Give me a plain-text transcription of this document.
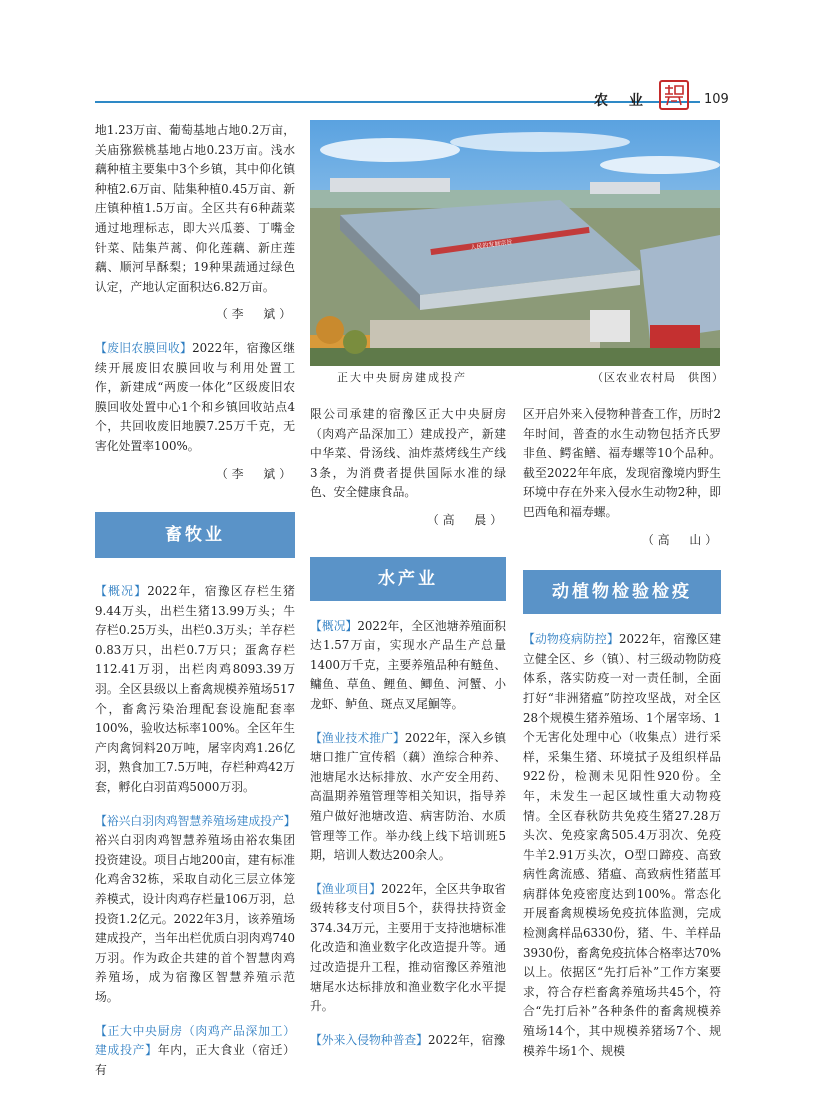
农 业	109

地1.23万亩、葡萄基地占地0.2万亩，关庙猕猴桃基地占地0.23万亩。浅水藕种植主要集中3个乡镇，其中仰化镇种植2.6万亩、陆集种植0.45万亩、新庄镇种植1.5万亩。全区共有6种蔬菜通过地理标志，即大兴瓜蒌、丁嘴金针菜、陆集芦蒿、仰化莲藕、新庄莲藕、顺河旱酥梨；19种果蔬通过绿色认定，产地认定面积达6.82万亩。

（李　斌）

【废旧农膜回收】2022年，宿豫区继续开展废旧农膜回收与利用处置工作，新建成“两废一体化”区级废旧农膜回收处置中心1个和乡镇回收站点4个，共回收废旧地膜7.25万千克，无害化处置率100%。

（李　斌）
畜牧业

【概况】2022年，宿豫区存栏生猪9.44万头，出栏生猪13.99万头；牛存栏0.25万头，出栏0.3万头；羊存栏0.83万只，出栏0.7万只；蛋禽存栏112.41万羽，出栏肉鸡8093.39万羽。全区县级以上畜禽规模养殖场517个，畜禽污染治理配套设施配套率100%，验收达标率100%。全区年生产肉禽饲料20万吨，屠宰肉鸡1.26亿羽，熟食加工7.5万吨，存栏种鸡42万套，孵化白羽苗鸡5000万羽。

【裕兴白羽肉鸡智慧养殖场建成投产】裕兴白羽肉鸡智慧养殖场由裕农集团投资建设。项目占地200亩，建有标准化鸡舍32栋，采取自动化三层立体笼养模式，设计肉鸡存栏量106万羽，总投资1.2亿元。2022年3月，该养殖场建成投产，当年出栏优质白羽肉鸡740万羽。作为政企共建的首个智慧肉鸡养殖场，成为宿豫区智慧养殖示范场。

【正大中央厨房（肉鸡产品深加工）建成投产】年内，正大食业（宿迁）有

人民的发展宗旨
正大中央厨房建成投产	（区农业农村局　供图）

限公司承建的宿豫区正大中央厨房（肉鸡产品深加工）建成投产，新建中华菜、骨汤线、油炸蒸烤线生产线3条，为消费者提供国际水准的绿色、安全健康食品。

（高　晨）
水产业

【概况】2022年，全区池塘养殖面积达1.57万亩，实现水产品生产总量1400万千克，主要养殖品种有鲢鱼、鳙鱼、草鱼、鲤鱼、鲫鱼、河蟹、小龙虾、鲈鱼、斑点叉尾鮰等。

【渔业技术推广】2022年，深入乡镇塘口推广宣传稻（藕）渔综合种养、池塘尾水达标排放、水产安全用药、高温期养殖管理等相关知识，指导养殖户做好池塘改造、病害防治、水质管理等工作。举办线上线下培训班5期，培训人数达200余人。

【渔业项目】2022年，全区共争取省级转移支付项目5个，获得扶持资金374.34万元，主要用于支持池塘标准化改造和渔业数字化改造提升等。通过改造提升工程，推动宿豫区养殖池塘尾水达标排放和渔业数字化水平提升。

【外来入侵物种普查】2022年，宿豫

区开启外来入侵物种普查工作，历时2年时间，普查的水生动物包括齐氏罗非鱼、鳄雀鳝、福寿螺等10个品种。截至2022年年底，发现宿豫境内野生环境中存在外来入侵水生动物2种，即巴西龟和福寿螺。

（高　山）
动植物检验检疫

【动物疫病防控】2022年，宿豫区建立健全区、乡（镇）、村三级动物防疫体系，落实防疫一对一责任制，全面打好“非洲猪瘟”防控攻坚战，对全区28个规模生猪养殖场、1个屠宰场、1个无害化处理中心（收集点）进行采样，采集生猪、环境拭子及组织样品922份，检测未见阳性920份。全年，未发生一起区域性重大动物疫情。全区春秋防共免疫生猪27.28万头次、免疫家禽505.4万羽次、免疫牛羊2.91万头次，O型口蹄疫、高致病性禽流感、猪瘟、高致病性猪蓝耳病群体免疫密度达到100%。常态化开展畜禽规模场免疫抗体监测，完成检测禽样品6330份，猪、牛、羊样品3930份，畜禽免疫抗体合格率达70%以上。依据区“先打后补”工作方案要求，符合存栏畜禽养殖场共45个，符合“先打后补”各种条件的畜禽规模养殖场14个，其中规模养猪场7个、规模养牛场1个、规模
